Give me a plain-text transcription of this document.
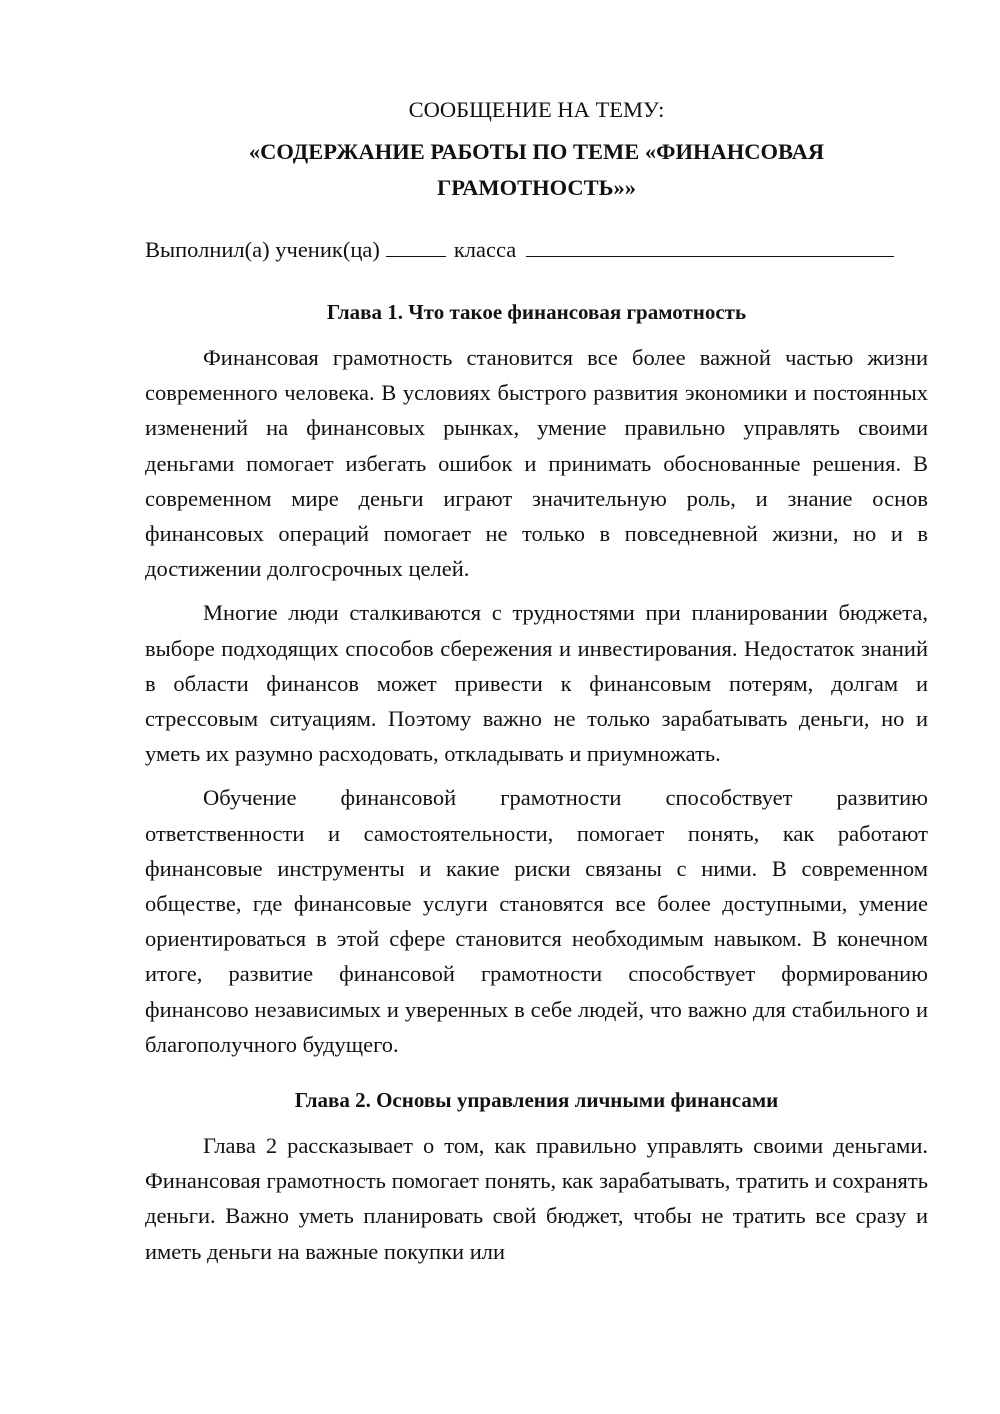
СООБЩЕНИЕ НА ТЕМУ:

«СОДЕРЖАНИЕ РАБОТЫ ПО ТЕМЕ «ФИНАНСОВАЯ
ГРАМОТНОСТЬ»»

Выполнил(а) ученик(ца)	класса

Глава 1. Что такое финансовая грамотность

Финансовая грамотность становится все более важной частью жизни современного человека. В условиях быстрого развития экономики и постоянных изменений на финансовых рынках, умение правильно управлять своими деньгами помогает избегать ошибок и принимать обоснованные решения. В современном мире деньги играют значительную роль, и знание основ финансовых операций помогает не только в повседневной жизни, но и в достижении долгосрочных целей.

Многие люди сталкиваются с трудностями при планировании бюджета, выборе подходящих способов сбережения и инвестирования. Недостаток знаний в области финансов может привести к финансовым потерям, долгам и стрессовым ситуациям. Поэтому важно не только зарабатывать деньги, но и уметь их разумно расходовать, откладывать и приумножать.

Обучение финансовой грамотности способствует развитию ответственности и самостоятельности, помогает понять, как работают финансовые инструменты и какие риски связаны с ними. В современном обществе, где финансовые услуги становятся все более доступными, умение ориентироваться в этой сфере становится необходимым навыком. В конечном итоге, развитие финансовой грамотности способствует формированию финансово независимых и уверенных в себе людей, что важно для стабильного и благополучного будущего.

Глава 2. Основы управления личными финансами

Глава 2 рассказывает о том, как правильно управлять своими деньгами. Финансовая грамотность помогает понять, как зарабатывать, тратить и сохранять деньги. Важно уметь планировать свой бюджет, чтобы не тратить все сразу и иметь деньги на важные покупки или
